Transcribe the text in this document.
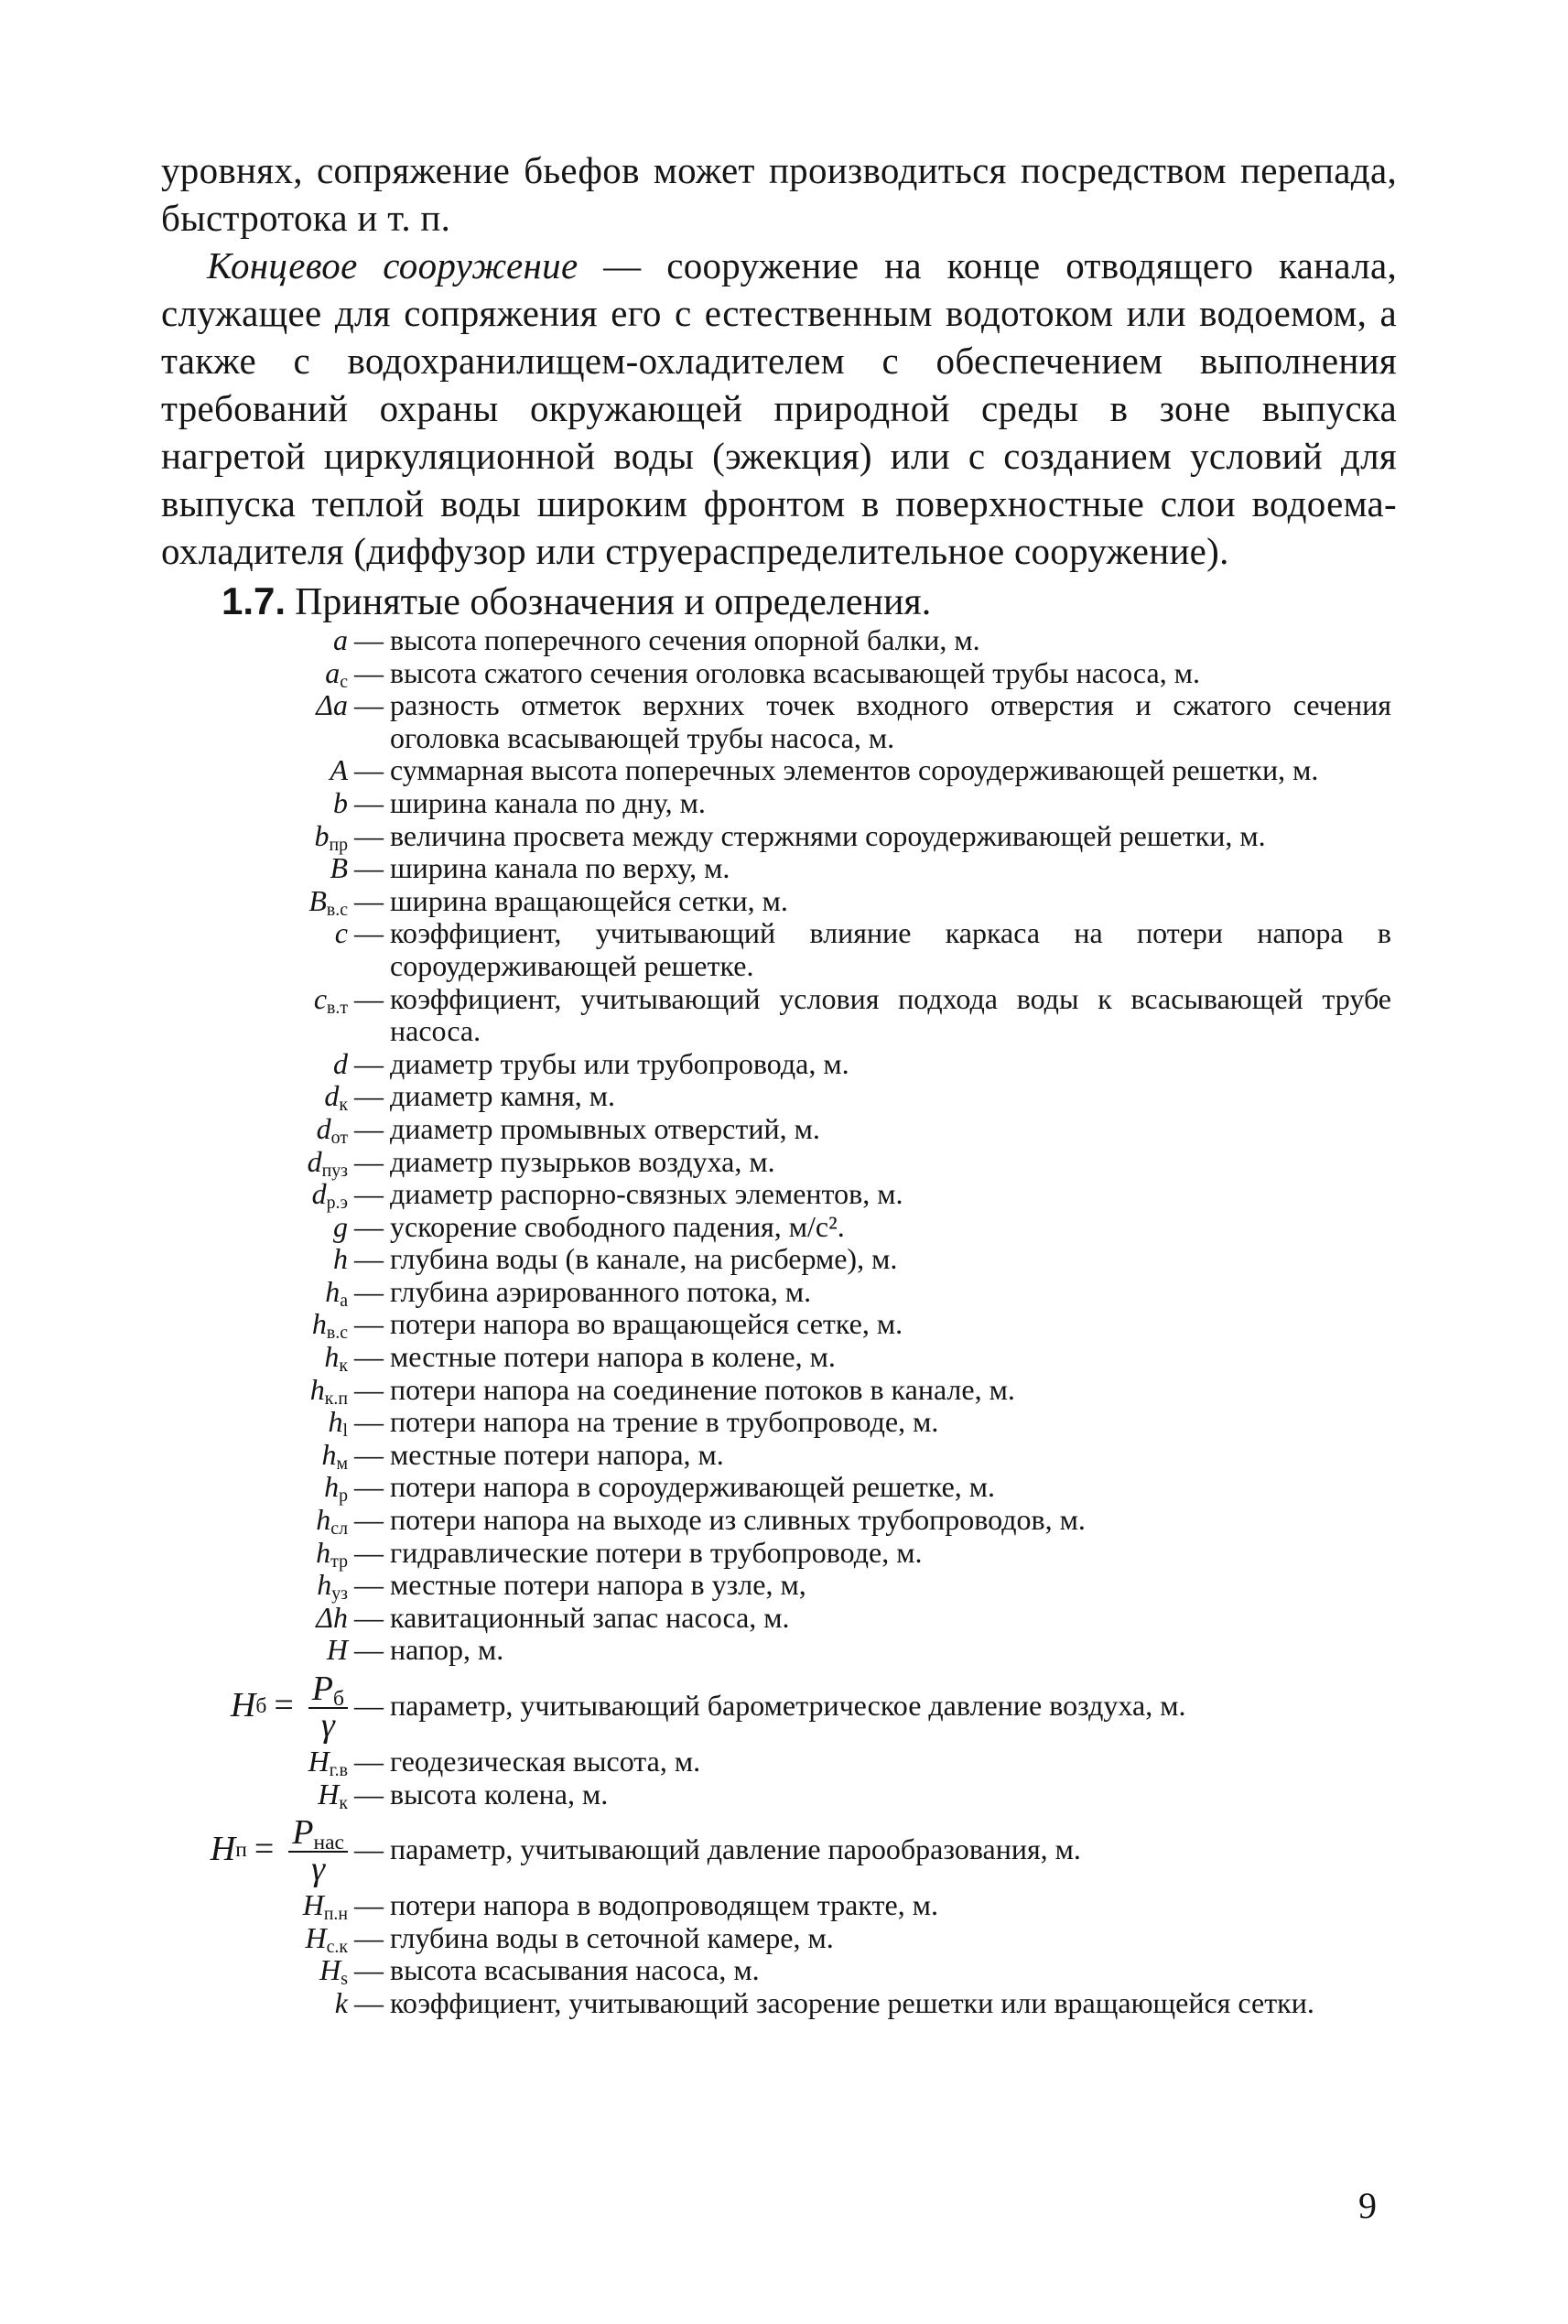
уровнях, сопряжение бьефов может производиться посредством перепада, быстротока и т. п.

Концевое сооружение — сооружение на конце отводящего канала, служащее для сопряжения его с естественным водотоком или водоемом, а также с водохранилищем-охладителем с обеспечением выполнения требований охраны окружающей природной среды в зоне выпуска нагретой циркуляционной воды (эжекция) или с созданием условий для выпуска теплой воды широким фронтом в поверхностные слои водоема-охладителя (диффузор или струераспределительное сооружение).

1.7. Принятые обозначения и определения.

a — высота поперечного сечения опорной балки, м.
$a_c$ — высота сжатого сечения оголовка всасывающей трубы насоса, м.
Δa — разность отметок верхних точек входного отверстия и сжатого сечения оголовка всасывающей трубы насоса, м.
A — суммарная высота поперечных элементов сороудерживающей решетки, м.
b — ширина канала по дну, м.
$b_{пр}$ — величина просвета между стержнями сороудерживающей решетки, м.
B — ширина канала по верху, м.
$B_{в.с}$ — ширина вращающейся сетки, м.
c — коэффициент, учитывающий влияние каркаса на потери напора в сороудерживающей решетке.
$c_{в.т}$ — коэффициент, учитывающий условия подхода воды к всасывающей трубе насоса.
d — диаметр трубы или трубопровода, м.
$d_к$ — диаметр камня, м.
$d_{от}$ — диаметр промывных отверстий, м.
$d_{пуз}$ — диаметр пузырьков воздуха, м.
$d_{р.э}$ — диаметр распорно-связных элементов, м.
g — ускорение свободного падения, м/с².
h — глубина воды (в канале, на рисберме), м.
$h_а$ — глубина аэрированного потока, м.
$h_{в.с}$ — потери напора во вращающейся сетке, м.
$h_к$ — местные потери напора в колене, м.
$h_{к.п}$ — потери напора на соединение потоков в канале, м.
$h_l$ — потери напора на трение в трубопроводе, м.
$h_м$ — местные потери напора, м.
$h_р$ — потери напора в сороудерживающей решетке, м.
$h_{сл}$ — потери напора на выходе из сливных трубопроводов, м.
$h_{тр}$ — гидравлические потери в трубопроводе, м.
$h_{уз}$ — местные потери напора в узле, м,
Δh — кавитационный запас насоса, м.
H — напор, м.
H $б = \frac{P_б}{\gamma}$ — параметр, учитывающий барометрическое давление воздуха, м.
$H_{г.в}$ — геодезическая высота, м.
$H_к$ — высота колена, м.
H $п = \frac{P_{нас}}{\gamma}$ — параметр, учитывающий давление парообразования, м.
$H_{п.н}$ — потери напора в водопроводящем тракте, м.
$H_{с.к}$ — глубина воды в сеточной камере, м.
$H_s$ — высота всасывания насоса, м.
k — коэффициент, учитывающий засорение решетки или вращающейся сетки.

9
